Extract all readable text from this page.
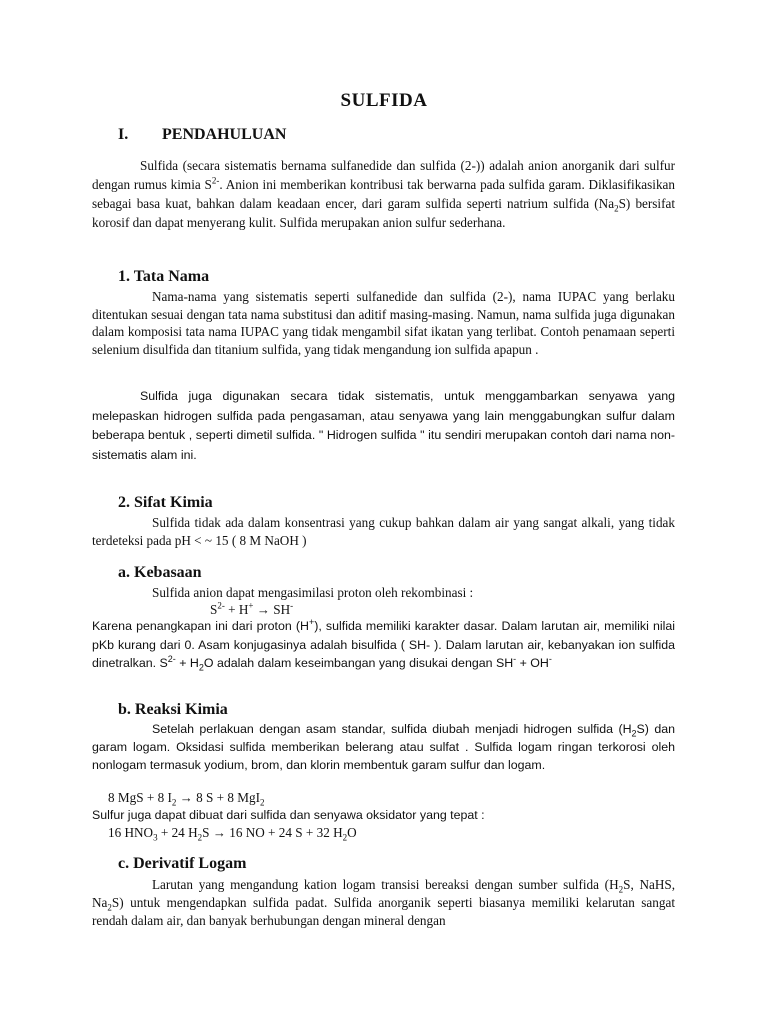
SULFIDA
I. PENDAHULUAN

Sulfida (secara sistematis bernama sulfanedide dan sulfida (2-)) adalah anion anorganik dari sulfur dengan rumus kimia $S^{2-}$. Anion ini memberikan kontribusi tak berwarna pada sulfida garam. Diklasifikasikan sebagai basa kuat, bahkan dalam keadaan encer, dari garam sulfida seperti natrium sulfida $(Na_2S)$ bersifat korosif dan dapat menyerang kulit. Sulfida merupakan anion sulfur sederhana.

1. Tata Nama

Nama-nama yang sistematis seperti sulfanedide dan sulfida (2-), nama IUPAC yang berlaku ditentukan sesuai dengan tata nama substitusi dan aditif masing-masing. Namun, nama sulfida juga digunakan dalam komposisi tata nama IUPAC yang tidak mengambil sifat ikatan yang terlibat. Contoh penamaan seperti selenium disulfida dan titanium sulfida, yang tidak mengandung ion sulfida apapun .

Sulfida juga digunakan secara tidak sistematis, untuk menggambarkan senyawa yang melepaskan hidrogen sulfida pada pengasaman, atau senyawa yang lain menggabungkan sulfur dalam beberapa bentuk , seperti dimetil sulfida. " Hidrogen sulfida " itu sendiri merupakan contoh dari nama non-sistematis alam ini.

2. Sifat Kimia

Sulfida tidak ada dalam konsentrasi yang cukup bahkan dalam air yang sangat alkali, yang tidak terdeteksi pada pH < ~ 15 ( 8 M NaOH )

a. Kebasaan
Sulfida anion dapat mengasimilasi proton oleh rekombinasi :
$S^{2-} + H^+ \to SH^-$

Karena penangkapan ini dari proton (H+), sulfida memiliki karakter dasar. Dalam larutan air, memiliki nilai pKb kurang dari 0. Asam konjugasinya adalah bisulfida ( SH- ). Dalam larutan air, kebanyakan ion sulfida dinetralkan. $S^{2-} + H_2O$ adalah dalam keseimbangan yang disukai dengan SH- + OH-

b. Reaksi Kimia

Setelah perlakuan dengan asam standar, sulfida diubah menjadi hidrogen sulfida $(H_2S)$ dan garam logam. Oksidasi sulfida memberikan belerang atau sulfat . Sulfida logam ringan terkorosi oleh nonlogam termasuk yodium, brom, dan klorin membentuk garam sulfur dan logam.

8 MgS + 8 $I_2 \to 8$ S + 8 MgI$_2$
Sulfur juga dapat dibuat dari sulfida dan senyawa oksidator yang tepat :
16 $HNO_3 + 24$ $H_2S \to 16$ NO + 24 S + 32 $H_2O$
c. Derivatif Logam

Larutan yang mengandung kation logam transisi bereaksi dengan sumber sulfida ($H_2S$, NaHS, $Na_2S$) untuk mengendapkan sulfida padat. Sulfida anorganik seperti biasanya memiliki kelarutan sangat rendah dalam air, dan banyak berhubungan dengan mineral dengan
